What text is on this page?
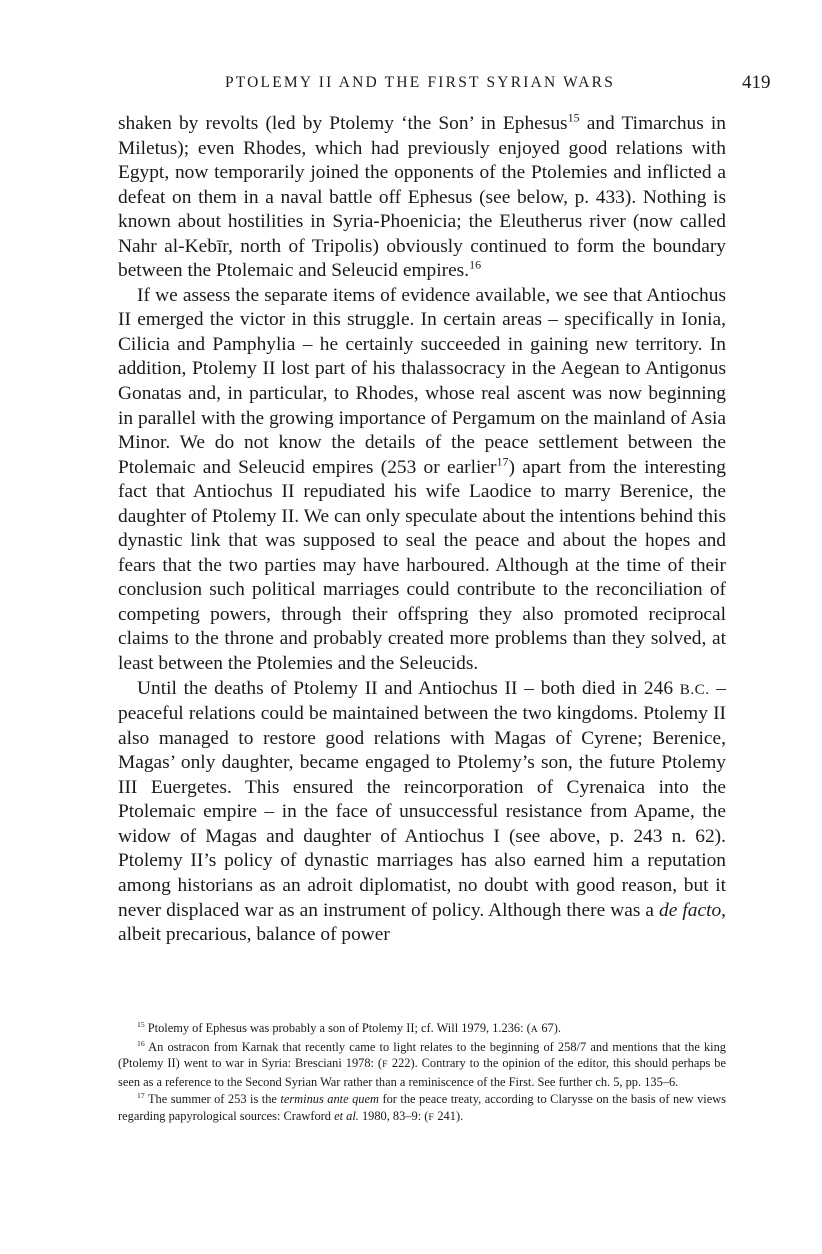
PTOLEMY II AND THE FIRST SYRIAN WARS	419

shaken by revolts (led by Ptolemy ‘the Son’ in Ephesus$^{15}$ and Timarchus in Miletus); even Rhodes, which had previously enjoyed good relations with Egypt, now temporarily joined the opponents of the Ptolemies and inflicted a defeat on them in a naval battle off Ephesus (see below, p. 433). Nothing is known about hostilities in Syria-Phoenicia; the Eleutherus river (now called Nahr al-Kebīr, north of Tripolis) obviously continued to form the boundary between the Ptolemaic and Seleucid empires.$^{16}$

If we assess the separate items of evidence available, we see that Antiochus II emerged the victor in this struggle. In certain areas – specifically in Ionia, Cilicia and Pamphylia – he certainly succeeded in gaining new territory. In addition, Ptolemy II lost part of his thalassocracy in the Aegean to Antigonus Gonatas and, in particular, to Rhodes, whose real ascent was now beginning in parallel with the growing importance of Pergamum on the mainland of Asia Minor. We do not know the details of the peace settlement between the Ptolemaic and Seleucid empires (253 or earlier$^{17}$) apart from the interesting fact that Antiochus II repudiated his wife Laodice to marry Berenice, the daughter of Ptolemy II. We can only speculate about the intentions behind this dynastic link that was supposed to seal the peace and about the hopes and fears that the two parties may have harboured. Although at the time of their conclusion such political marriages could contribute to the reconciliation of competing powers, through their offspring they also promoted reciprocal claims to the throne and probably created more problems than they solved, at least between the Ptolemies and the Seleucids.

Until the deaths of Ptolemy II and Antiochus II – both died in 246 B.C. – peaceful relations could be maintained between the two kingdoms. Ptolemy II also managed to restore good relations with Magas of Cyrene; Berenice, Magas’ only daughter, became engaged to Ptolemy’s son, the future Ptolemy III Euergetes. This ensured the reincorporation of Cyrenaica into the Ptolemaic empire – in the face of unsuccessful resistance from Apame, the widow of Magas and daughter of Antiochus I (see above, p. 243 n. 62). Ptolemy II’s policy of dynastic marriages has also earned him a reputation among historians as an adroit diplomatist, no doubt with good reason, but it never displaced war as an instrument of policy. Although there was a de facto, albeit precarious, balance of power

$^{15}$ Ptolemy of Ephesus was probably a son of Ptolemy II; cf. Will 1979, 1.236: (A 67).

$^{16}$ An ostracon from Karnak that recently came to light relates to the beginning of 258/7 and mentions that the king (Ptolemy II) went to war in Syria: Bresciani 1978: (F 222). Contrary to the opinion of the editor, this should perhaps be seen as a reference to the Second Syrian War rather than a reminiscence of the First. See further ch. 5, pp. 135–6.

$^{17}$ The summer of 253 is the terminus ante quem for the peace treaty, according to Clarysse on the basis of new views regarding papyrological sources: Crawford et al. 1980, 83–9: (F 241).
